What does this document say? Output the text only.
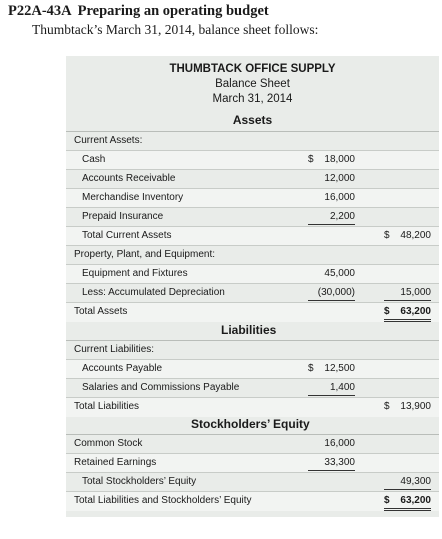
P22A-43A Preparing an operating budget
Thumbtack’s March 31, 2014, balance sheet follows:
THUMBTACK OFFICE SUPPLY
Balance Sheet
March 31, 2014
Assets
Current Assets:
Cash	$ 18,000
Accounts Receivable	12,000
Merchandise Inventory	16,000
Prepaid Insurance	2,200
Total Current Assets	$ 48,200
Property, Plant, and Equipment:
Equipment and Fixtures	45,000
Less: Accumulated Depreciation	(30,000)	15,000
Total Assets	$ 63,200
Liabilities
Current Liabilities:
Accounts Payable	$ 12,500
Salaries and Commissions Payable	1,400
Total Liabilities	$ 13,900
Stockholders’ Equity
Common Stock	16,000
Retained Earnings	33,300
Total Stockholders’ Equity	49,300
Total Liabilities and Stockholders’ Equity	$ 63,200
